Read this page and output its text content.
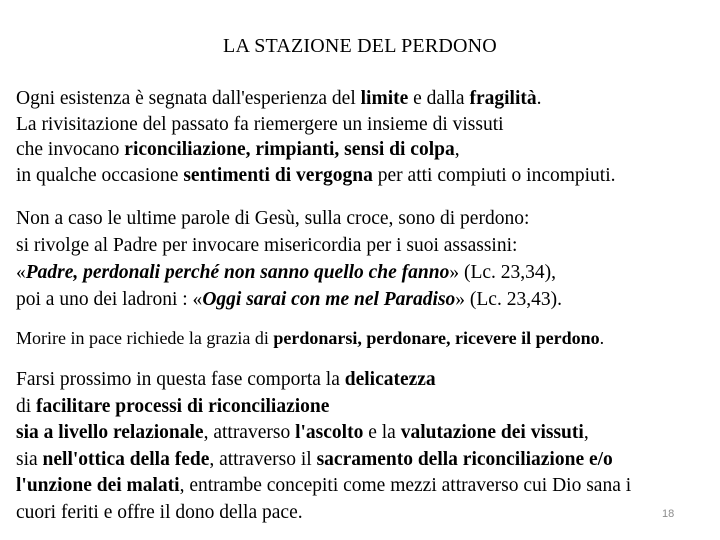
LA STAZIONE DEL PERDONO
Ogni esistenza è segnata dall'esperienza del limite e dalla fragilità.
La rivisitazione del passato fa riemergere un insieme di vissuti
che invocano riconciliazione, rimpianti, sensi di colpa,
in qualche occasione sentimenti di vergogna per atti compiuti o incompiuti.
Non a caso le ultime parole di Gesù, sulla croce, sono di perdono:
si rivolge al Padre per invocare misericordia per i suoi assassini:
«Padre, perdonali perché non sanno quello che fanno» (Lc. 23,34),
poi a uno dei ladroni : «Oggi sarai con me nel Paradiso» (Lc. 23,43).
Morire in pace richiede la grazia di perdonarsi, perdonare, ricevere il perdono.
Farsi prossimo in questa fase comporta la delicatezza
di facilitare processi di riconciliazione
sia a livello relazionale, attraverso l'ascolto e la valutazione dei vissuti,
sia nell'ottica della fede, attraverso il sacramento della riconciliazione e/o
l'unzione dei malati, entrambe concepiti come mezzi attraverso cui Dio sana i
cuori feriti e offre il dono della pace.	18
